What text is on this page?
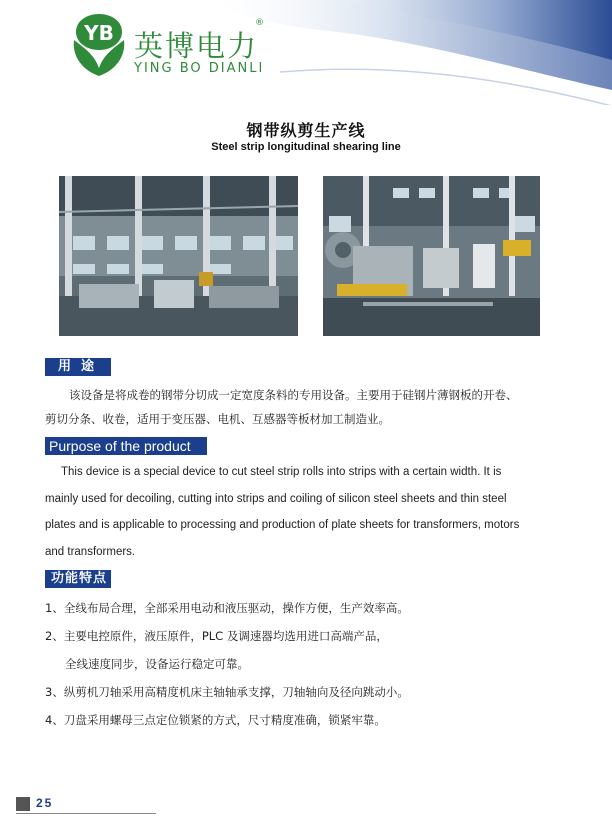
YB 英博电力
®
YING BO DIANLI
钢带纵剪生产线
Steel strip longitudinal shearing line
用途
该设备是将成卷的钢带分切成一定宽度条料的专用设备。主要用于硅钢片薄钢板的开卷、
剪切分条、收卷，适用于变压器、电机、互感器等板材加工制造业。
Purpose of the product
This device is a special device to cut steel strip rolls into strips with a certain width. It is
mainly used for decoiling, cutting into strips and coiling of silicon steel sheets and thin steel
plates and is applicable to processing and production of plate sheets for transformers, motors
and transformers.
功能特点
1、全线布局合理，全部采用电动和液压驱动，操作方便，生产效率高。
2、主要电控原件，液压原件，PLC 及调速器均选用进口高端产品，
全线速度同步，设备运行稳定可靠。
3、纵剪机刀轴采用高精度机床主轴轴承支撑，刀轴轴向及径向跳动小。
4、刀盘采用螺母三点定位锁紧的方式，尺寸精度准确，锁紧牢靠。
25
